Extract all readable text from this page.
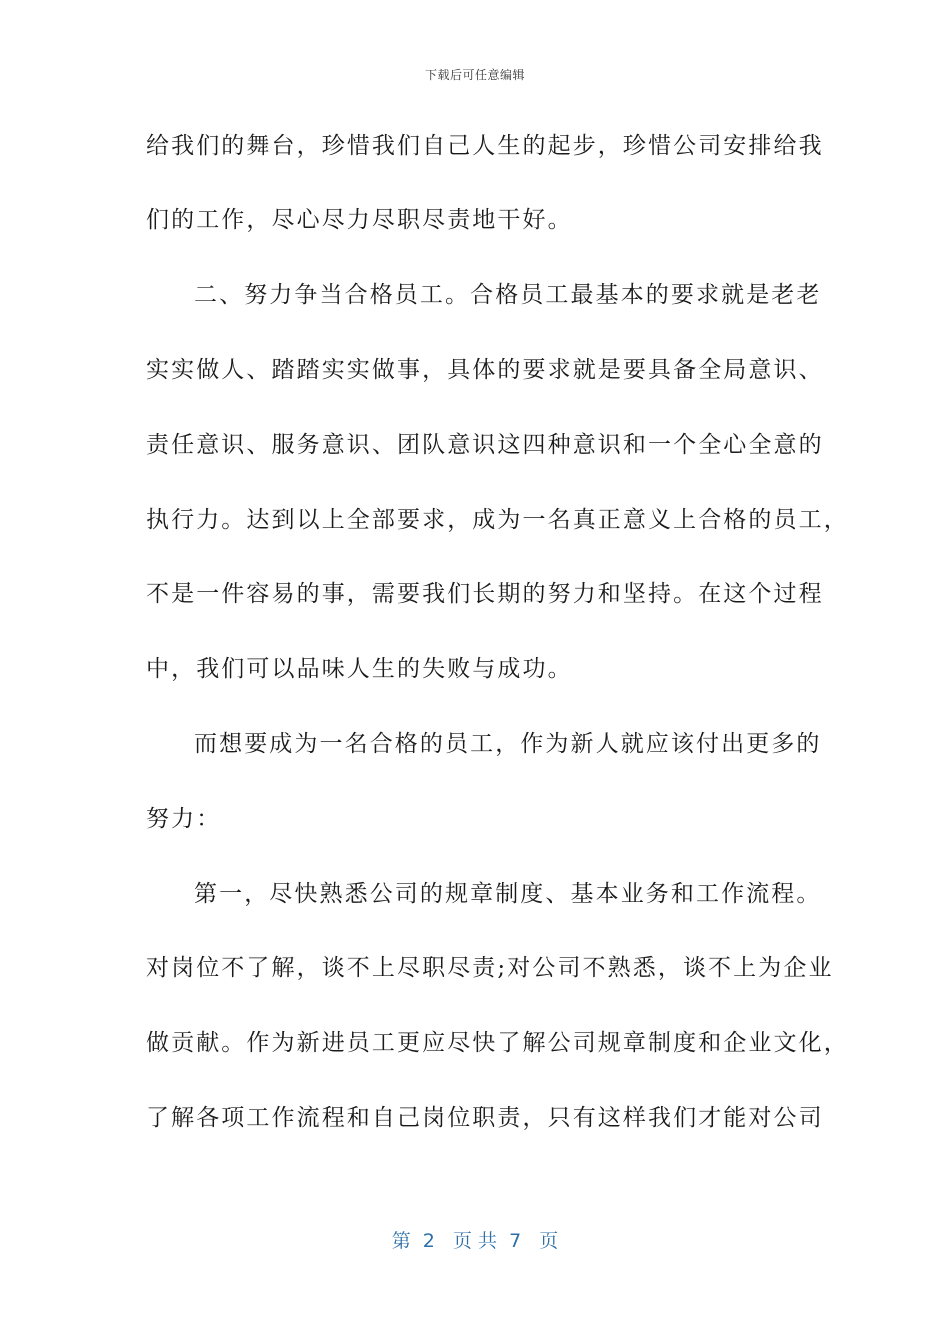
下载后可任意编辑
给我们的舞台，珍惜我们自己人生的起步，珍惜公司安排给我
们的工作，尽心尽力尽职尽责地干好。
二、努力争当合格员工。合格员工最基本的要求就是老老
实实做人、踏踏实实做事，具体的要求就是要具备全局意识、
责任意识、服务意识、团队意识这四种意识和一个全心全意的
执行力。达到以上全部要求，成为一名真正意义上合格的员工，
不是一件容易的事，需要我们长期的努力和坚持。在这个过程
中，我们可以品味人生的失败与成功。
而想要成为一名合格的员工，作为新人就应该付出更多的
努力：
第一，尽快熟悉公司的规章制度、基本业务和工作流程。
对岗位不了解，谈不上尽职尽责;对公司不熟悉，谈不上为企业
做贡献。作为新进员工更应尽快了解公司规章制度和企业文化，
了解各项工作流程和自己岗位职责，只有这样我们才能对公司
第  2   页 共  7   页
